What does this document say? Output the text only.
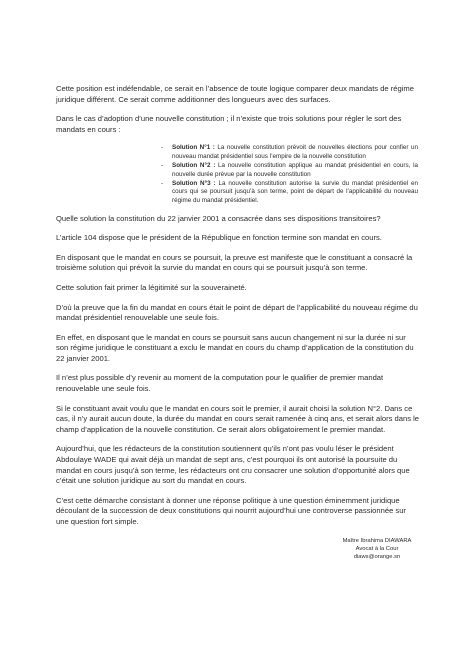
Cette position est indéfendable, ce serait en l’absence de toute logique comparer deux mandats de régime juridique différent. Ce serait comme additionner des longueurs avec des surfaces.

Dans le cas d’adoption d’une nouvelle constitution ; il n’existe que trois solutions pour régler le sort des mandats en cours :

- Solution N°1 : La nouvelle constitution prévoit de nouvelles élections pour confier un nouveau mandat présidentiel sous l’empire de la nouvelle constitution
- Solution N°2 : La nouvelle constitution applique au mandat présidentiel en cours, la nouvelle durée prévue par la nouvelle constitution
- Solution N°3 : La nouvelle constitution autorise la survie du mandat présidentiel en cours qui se poursuit jusqu’à son terme, point de départ de l’applicabilité du nouveau régime du mandat présidentiel.

Quelle solution la constitution du 22 janvier 2001 a consacrée dans ses dispositions transitoires?

L’article 104 dispose que le président de la République en fonction termine son mandat en cours.

En disposant que le mandat en cours se poursuit, la preuve est manifeste que le constituant a consacré la troisième solution qui prévoit la survie du mandat en cours qui se poursuit jusqu’à son terme.

Cette solution fait primer la légitimité sur la souveraineté.

D’où la preuve que la fin du mandat en cours était le point de départ de l’applicabilité du nouveau régime du mandat présidentiel renouvelable une seule fois.

En effet, en disposant que le mandat en cours se poursuit sans aucun changement ni sur la durée ni sur son régime juridique le constituant a exclu le mandat en cours du champ d’application de la constitution du 22 janvier 2001.

Il n’est plus possible d’y revenir au moment de la computation pour le qualifier de premier mandat renouvelable une seule fois.

Si le constituant avait voulu que le mandat en cours soit le premier, il aurait choisi la solution N°2. Dans ce cas, il n’y aurait aucun doute, la durée du mandat en cours serait ramenée à cinq ans, et serait alors dans le champ d’application de la nouvelle constitution. Ce serait alors obligatoirement le premier mandat.

Aujourd’hui, que les rédacteurs de la constitution soutiennent qu’ils n’ont pas voulu léser le président Abdoulaye WADE qui avait déjà un mandat de sept ans, c’est pourquoi ils ont autorisé la poursuite du mandat en cours jusqu’à son terme, les rédacteurs ont cru consacrer une solution d’opportunité alors que c’était une solution juridique au sort du mandat en cours.

C’est cette démarche consistant à donner une réponse politique à une question éminemment juridique découlant de la succession de deux constitutions qui nourrit aujourd’hui une controverse passionnée sur une question fort simple.

Maître Ibrahima DIAWARA
Avocat à la Cour
diaws@orange.sn
